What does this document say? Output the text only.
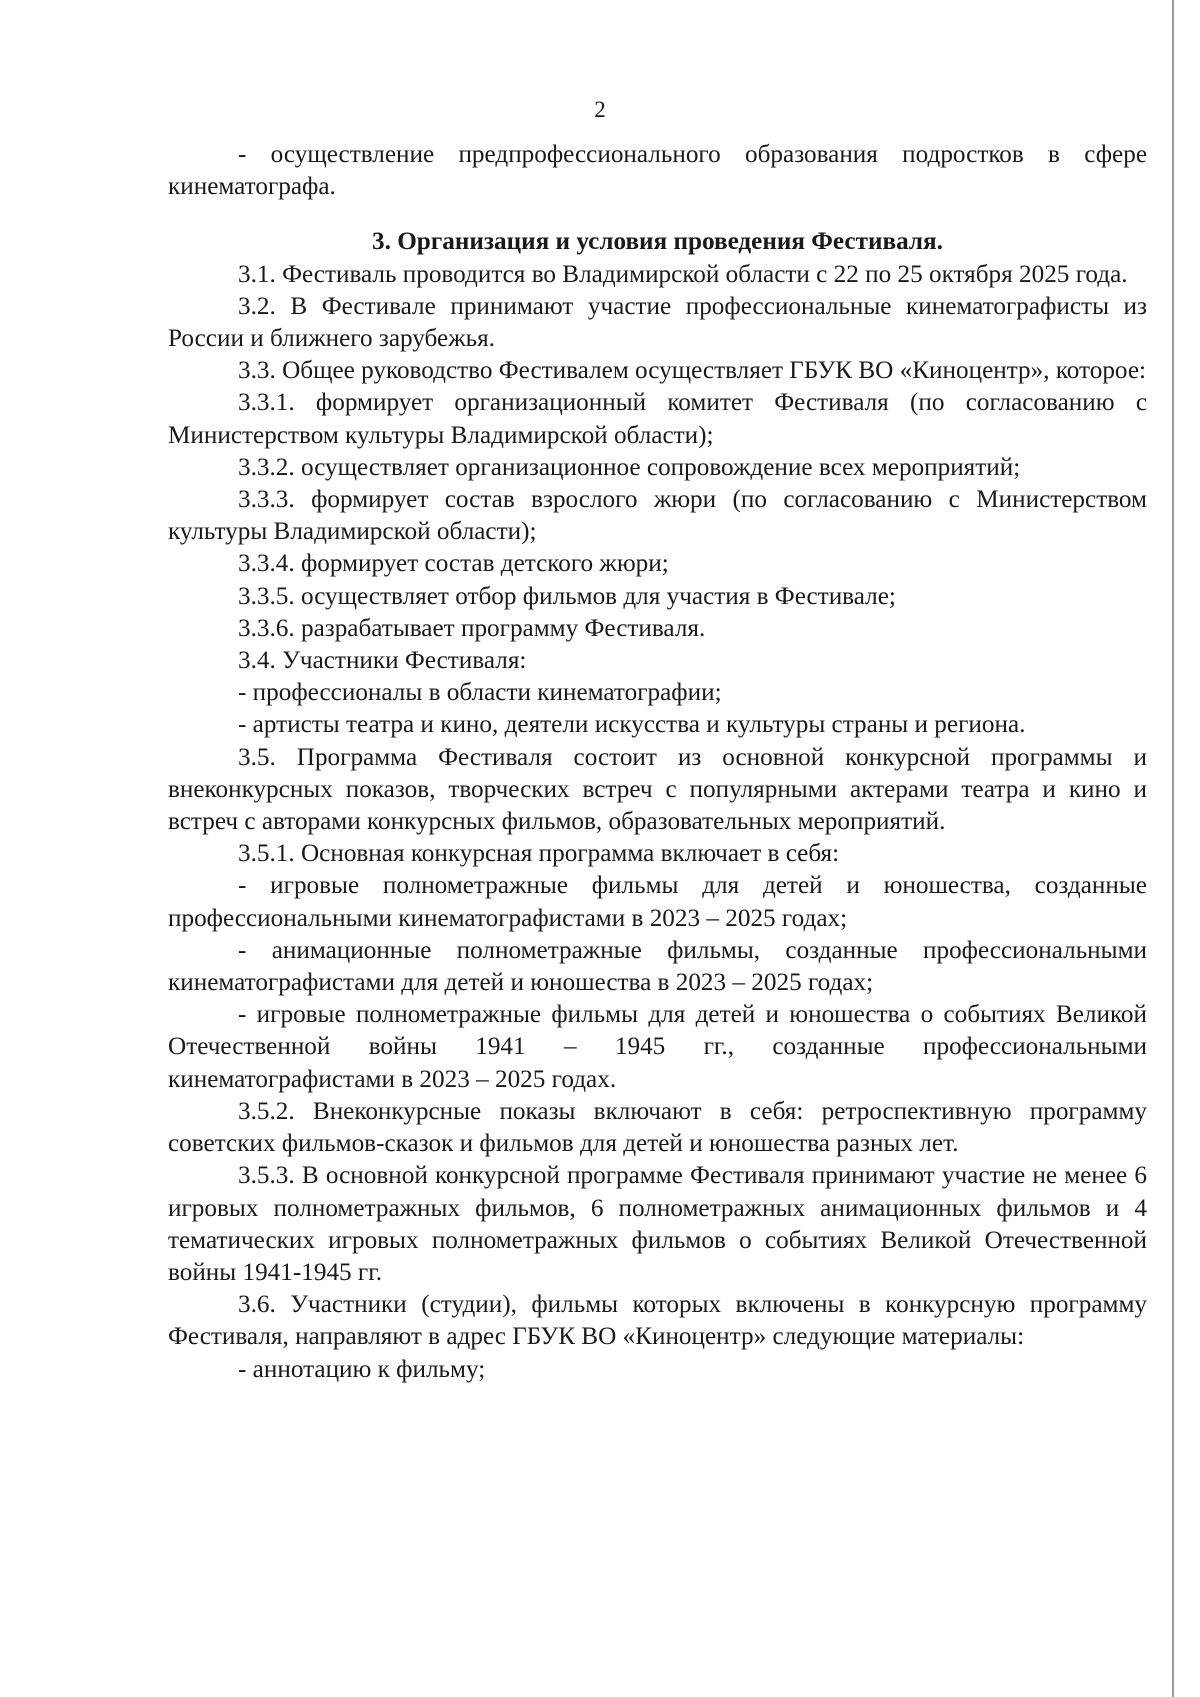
2

- осуществление предпрофессионального образования подростков в сфере кинематографа.

3. Организация и условия проведения Фестиваля.

3.1. Фестиваль проводится во Владимирской области с 22 по 25 октября 2025 года.

3.2. В Фестивале принимают участие профессиональные кинематографисты из России и ближнего зарубежья.

3.3. Общее руководство Фестивалем осуществляет ГБУК ВО «Киноцентр», которое:

3.3.1. формирует организационный комитет Фестиваля (по согласованию с Министерством культуры Владимирской области);

3.3.2. осуществляет организационное сопровождение всех мероприятий;

3.3.3. формирует состав взрослого жюри (по согласованию с Министерством культуры Владимирской области);

3.3.4. формирует состав детского жюри;

3.3.5. осуществляет отбор фильмов для участия в Фестивале;

3.3.6. разрабатывает программу Фестиваля.

3.4. Участники Фестиваля:

- профессионалы в области кинематографии;

- артисты театра и кино, деятели искусства и культуры страны и региона.

3.5. Программа Фестиваля состоит из основной конкурсной программы и внеконкурсных показов, творческих встреч с популярными актерами театра и кино и встреч с авторами конкурсных фильмов, образовательных мероприятий.

3.5.1. Основная конкурсная программа включает в себя:

- игровые полнометражные фильмы для детей и юношества, созданные профессиональными кинематографистами в 2023 – 2025 годах;

- анимационные полнометражные фильмы, созданные профессиональными кинематографистами для детей и юношества в 2023 – 2025 годах;

- игровые полнометражные фильмы для детей и юношества о событиях Великой Отечественной войны 1941 – 1945 гг., созданные профессиональными кинематографистами в 2023 – 2025 годах.

3.5.2. Внеконкурсные показы включают в себя: ретроспективную программу советских фильмов-сказок и фильмов для детей и юношества разных лет.

3.5.3. В основной конкурсной программе Фестиваля принимают участие не менее 6 игровых полнометражных фильмов, 6 полнометражных анимационных фильмов и 4 тематических игровых полнометражных фильмов о событиях Великой Отечественной войны 1941-1945 гг.

3.6. Участники (студии), фильмы которых включены в конкурсную программу Фестиваля, направляют в адрес ГБУК ВО «Киноцентр» следующие материалы:

- аннотацию к фильму;
